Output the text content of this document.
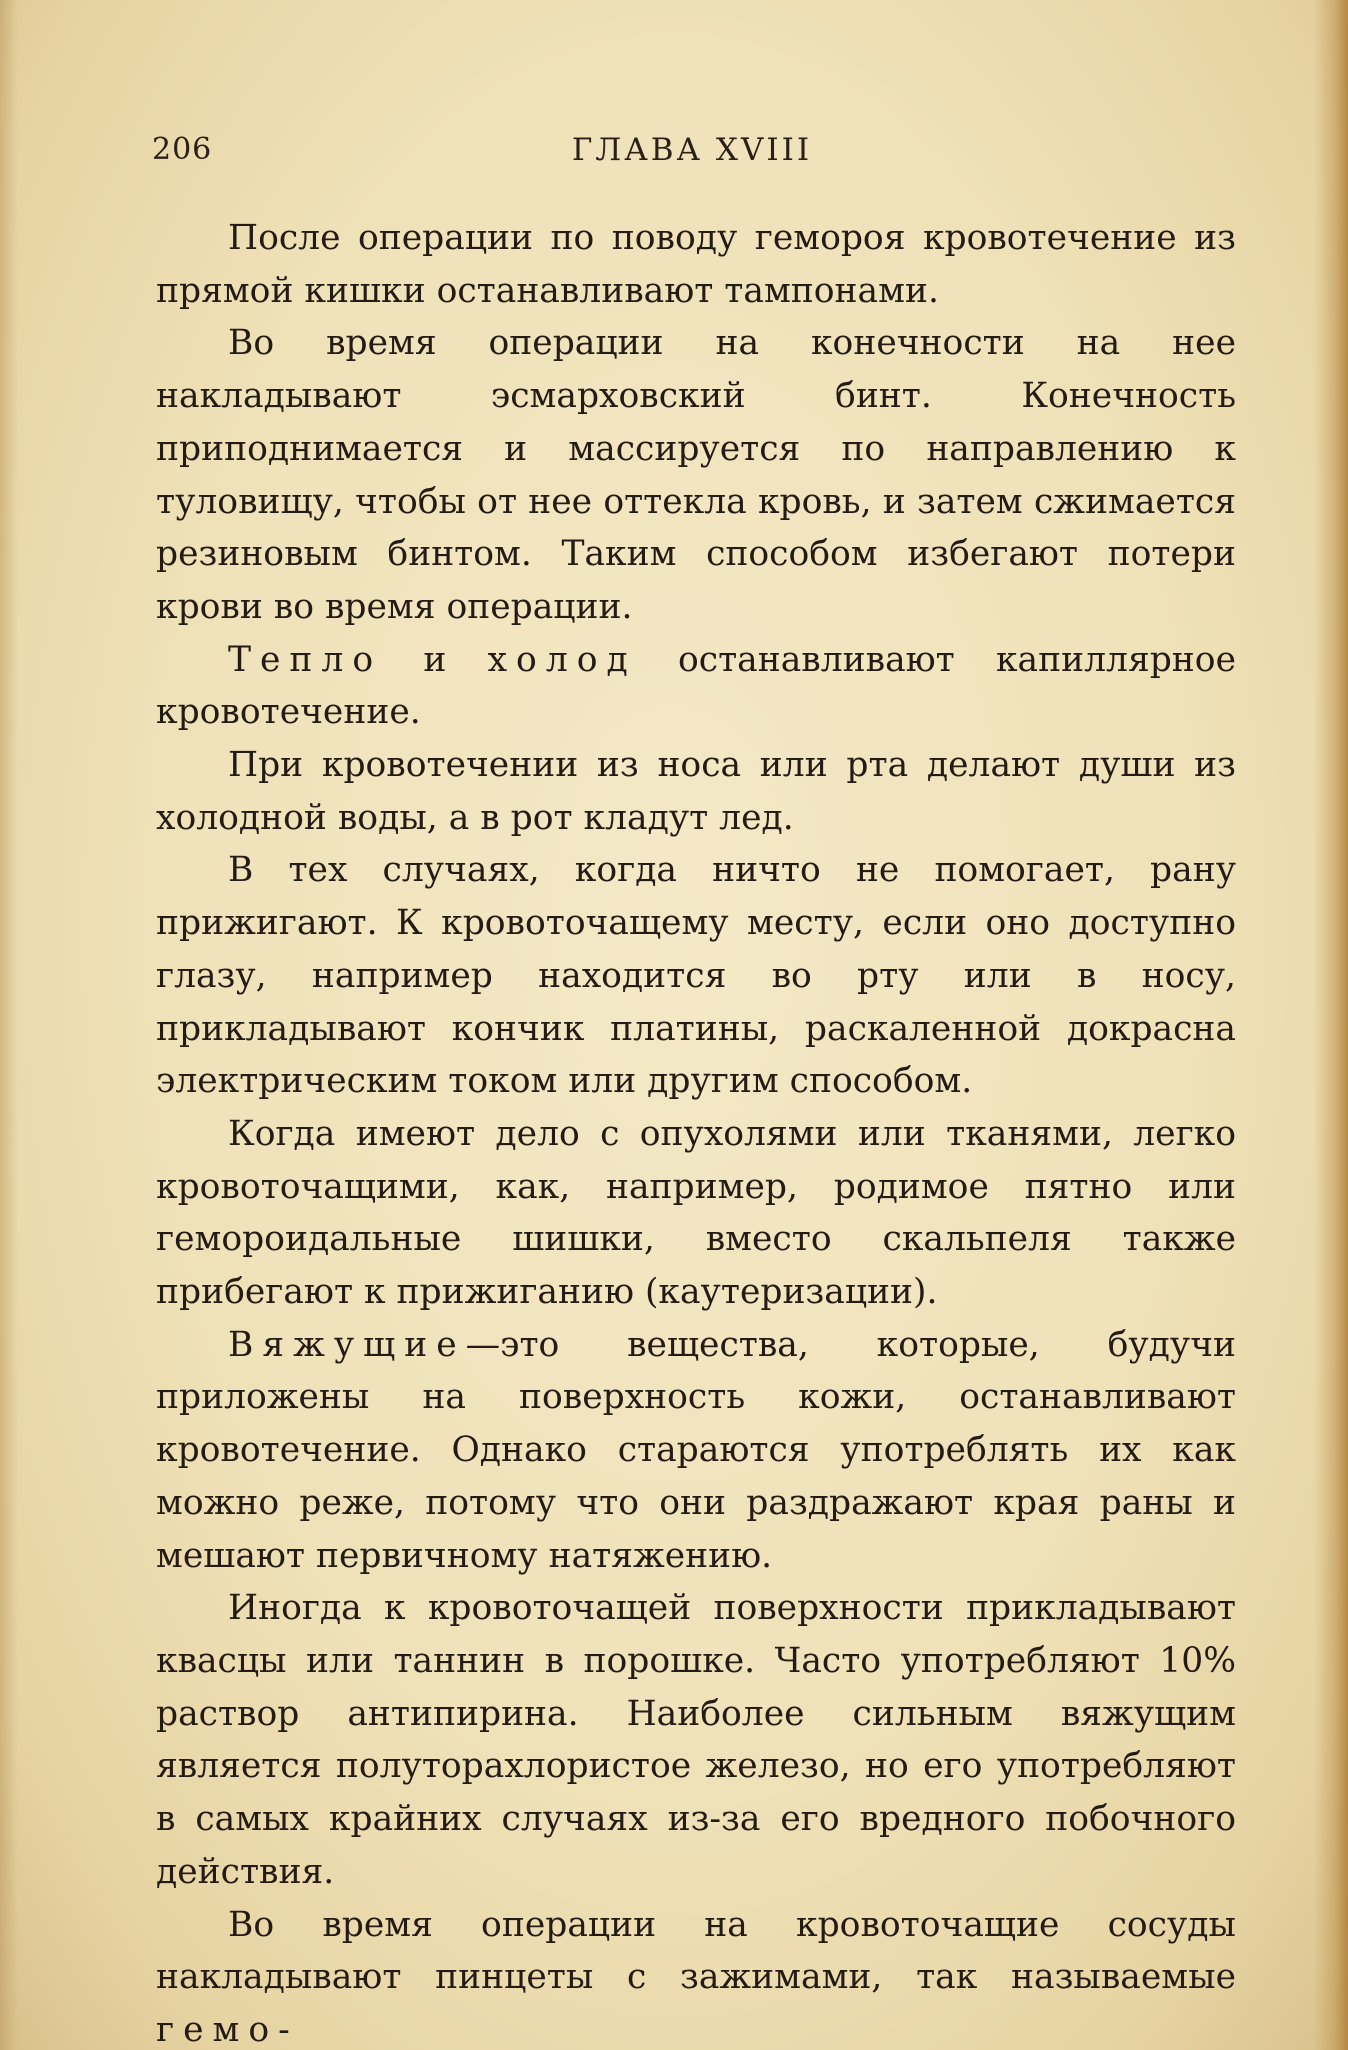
206	ГЛАВА XVIII

После операции по поводу гемороя кровотечение из прямой кишки останавливают тампонами.

Во время операции на конечности на нее накладывают эсмарховский бинт. Конечность приподнимается и массируется по направлению к туловищу, чтобы от нее оттекла кровь, и затем сжимается резиновым бинтом. Таким способом избегают потери крови во время операции.

Тепло и холод останавливают капиллярное кровотечение.

При кровотечении из носа или рта делают души из холодной воды, а в рот кладут лед.

В тех случаях, когда ничто не помогает, рану прижигают. К кровоточащему месту, если оно доступно глазу, например находится во рту или в носу, прикладывают кончик платины, раскаленной докрасна электрическим током или другим способом.

Когда имеют дело с опухолями или тканями, легко кровоточащими, как, например, родимое пятно или гемороидальные шишки, вместо скальпеля также прибегают к прижиганию (каутеризации).

Вяжущие—это вещества, которые, будучи приложены на поверхность кожи, останавливают кровотечение. Однако стараются употреблять их как можно реже, потому что они раздражают края раны и мешают первичному натяжению.

Иногда к кровоточащей поверхности прикладывают квасцы или таннин в порошке. Часто употребляют 10% раствор антипирина. Наиболее сильным вяжущим является полуторахлористое железо, но его употребляют в самых крайних случаях из-за его вредного побочного действия.

Во время операции на кровоточащие сосуды накладывают пинцеты с зажимами, так называемые гемо-
